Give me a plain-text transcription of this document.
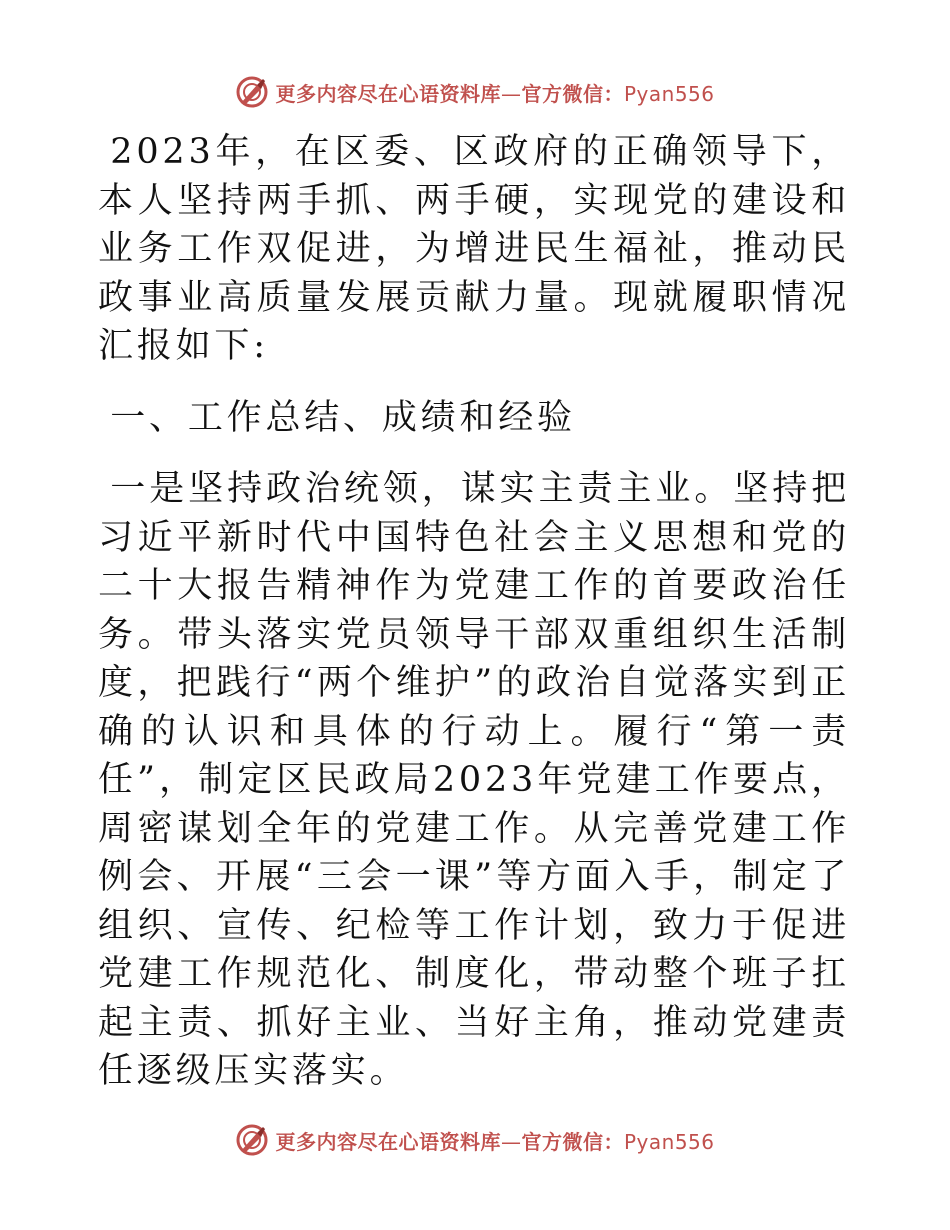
更多内容尽在心语资料库—官方微信：Pyan556

2023年，在区委、区政府的正确领导下，本人坚持两手抓、两手硬，实现党的建设和业务工作双促进，为增进民生福祉，推动民政事业高质量发展贡献力量。现就履职情况汇报如下:

一、工作总结、成绩和经验

一是坚持政治统领，谋实主责主业。坚持把习近平新时代中国特色社会主义思想和党的二十大报告精神作为党建工作的首要政治任务。带头落实党员领导干部双重组织生活制度，把践行“两个维护”的政治自觉落实到正确的认识和具体的行动上。履行“第一责任”，制定区民政局2023年党建工作要点，周密谋划全年的党建工作。从完善党建工作例会、开展“三会一课”等方面入手，制定了组织、宣传、纪检等工作计划，致力于促进党建工作规范化、制度化，带动整个班子扛起主责、抓好主业、当好主角，推动党建责任逐级压实落实。

更多内容尽在心语资料库—官方微信：Pyan556
